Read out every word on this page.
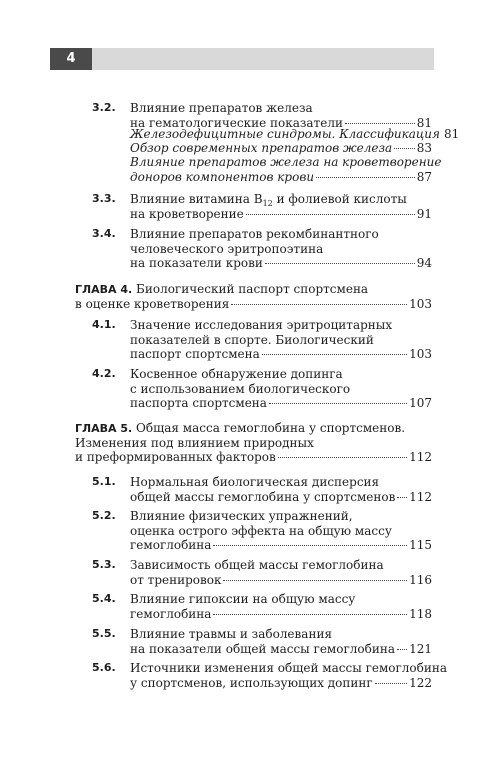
4
3.2. Влияние препаратов железа
на гематологические показатели	81
Железодефицитные синдромы. Классификация 81
Обзор современных препаратов железа 83
Влияние препаратов железа на кроветворение
доноров компонентов крови	87
3.3. Влияние витамина $B_{12}$ и фолиевой кислоты
на кроветворение	91
3.4. Влияние препаратов рекомбинантного
человеческого эритропоэтина
на показатели крови	94
ГЛАВА 4. Биологический паспорт спортсмена
в оценке кроветворения	103
4.1. Значение исследования эритроцитарных
показателей в спорте. Биологический
паспорт спортсмена	103
4.2. Косвенное обнаружение допинга
с использованием биологического
паспорта спортсмена	107
ГЛАВА 5. Общая масса гемоглобина у спортсменов.
Изменения под влиянием природных
и преформированных факторов	112
5.1. Нормальная биологическая дисперсия
общей массы гемоглобина у спортсменов 112
5.2. Влияние физических упражнений,
оценка острого эффекта на общую массу
гемоглобина	115
5.3. Зависимость общей массы гемоглобина
от тренировок	116
5.4. Влияние гипоксии на общую массу
гемоглобина	118
5.5. Влияние травмы и заболевания
на показатели общей массы гемоглобина 121
5.6. Источники изменения общей массы гемоглобина
у спортсменов, использующих допинг	122
